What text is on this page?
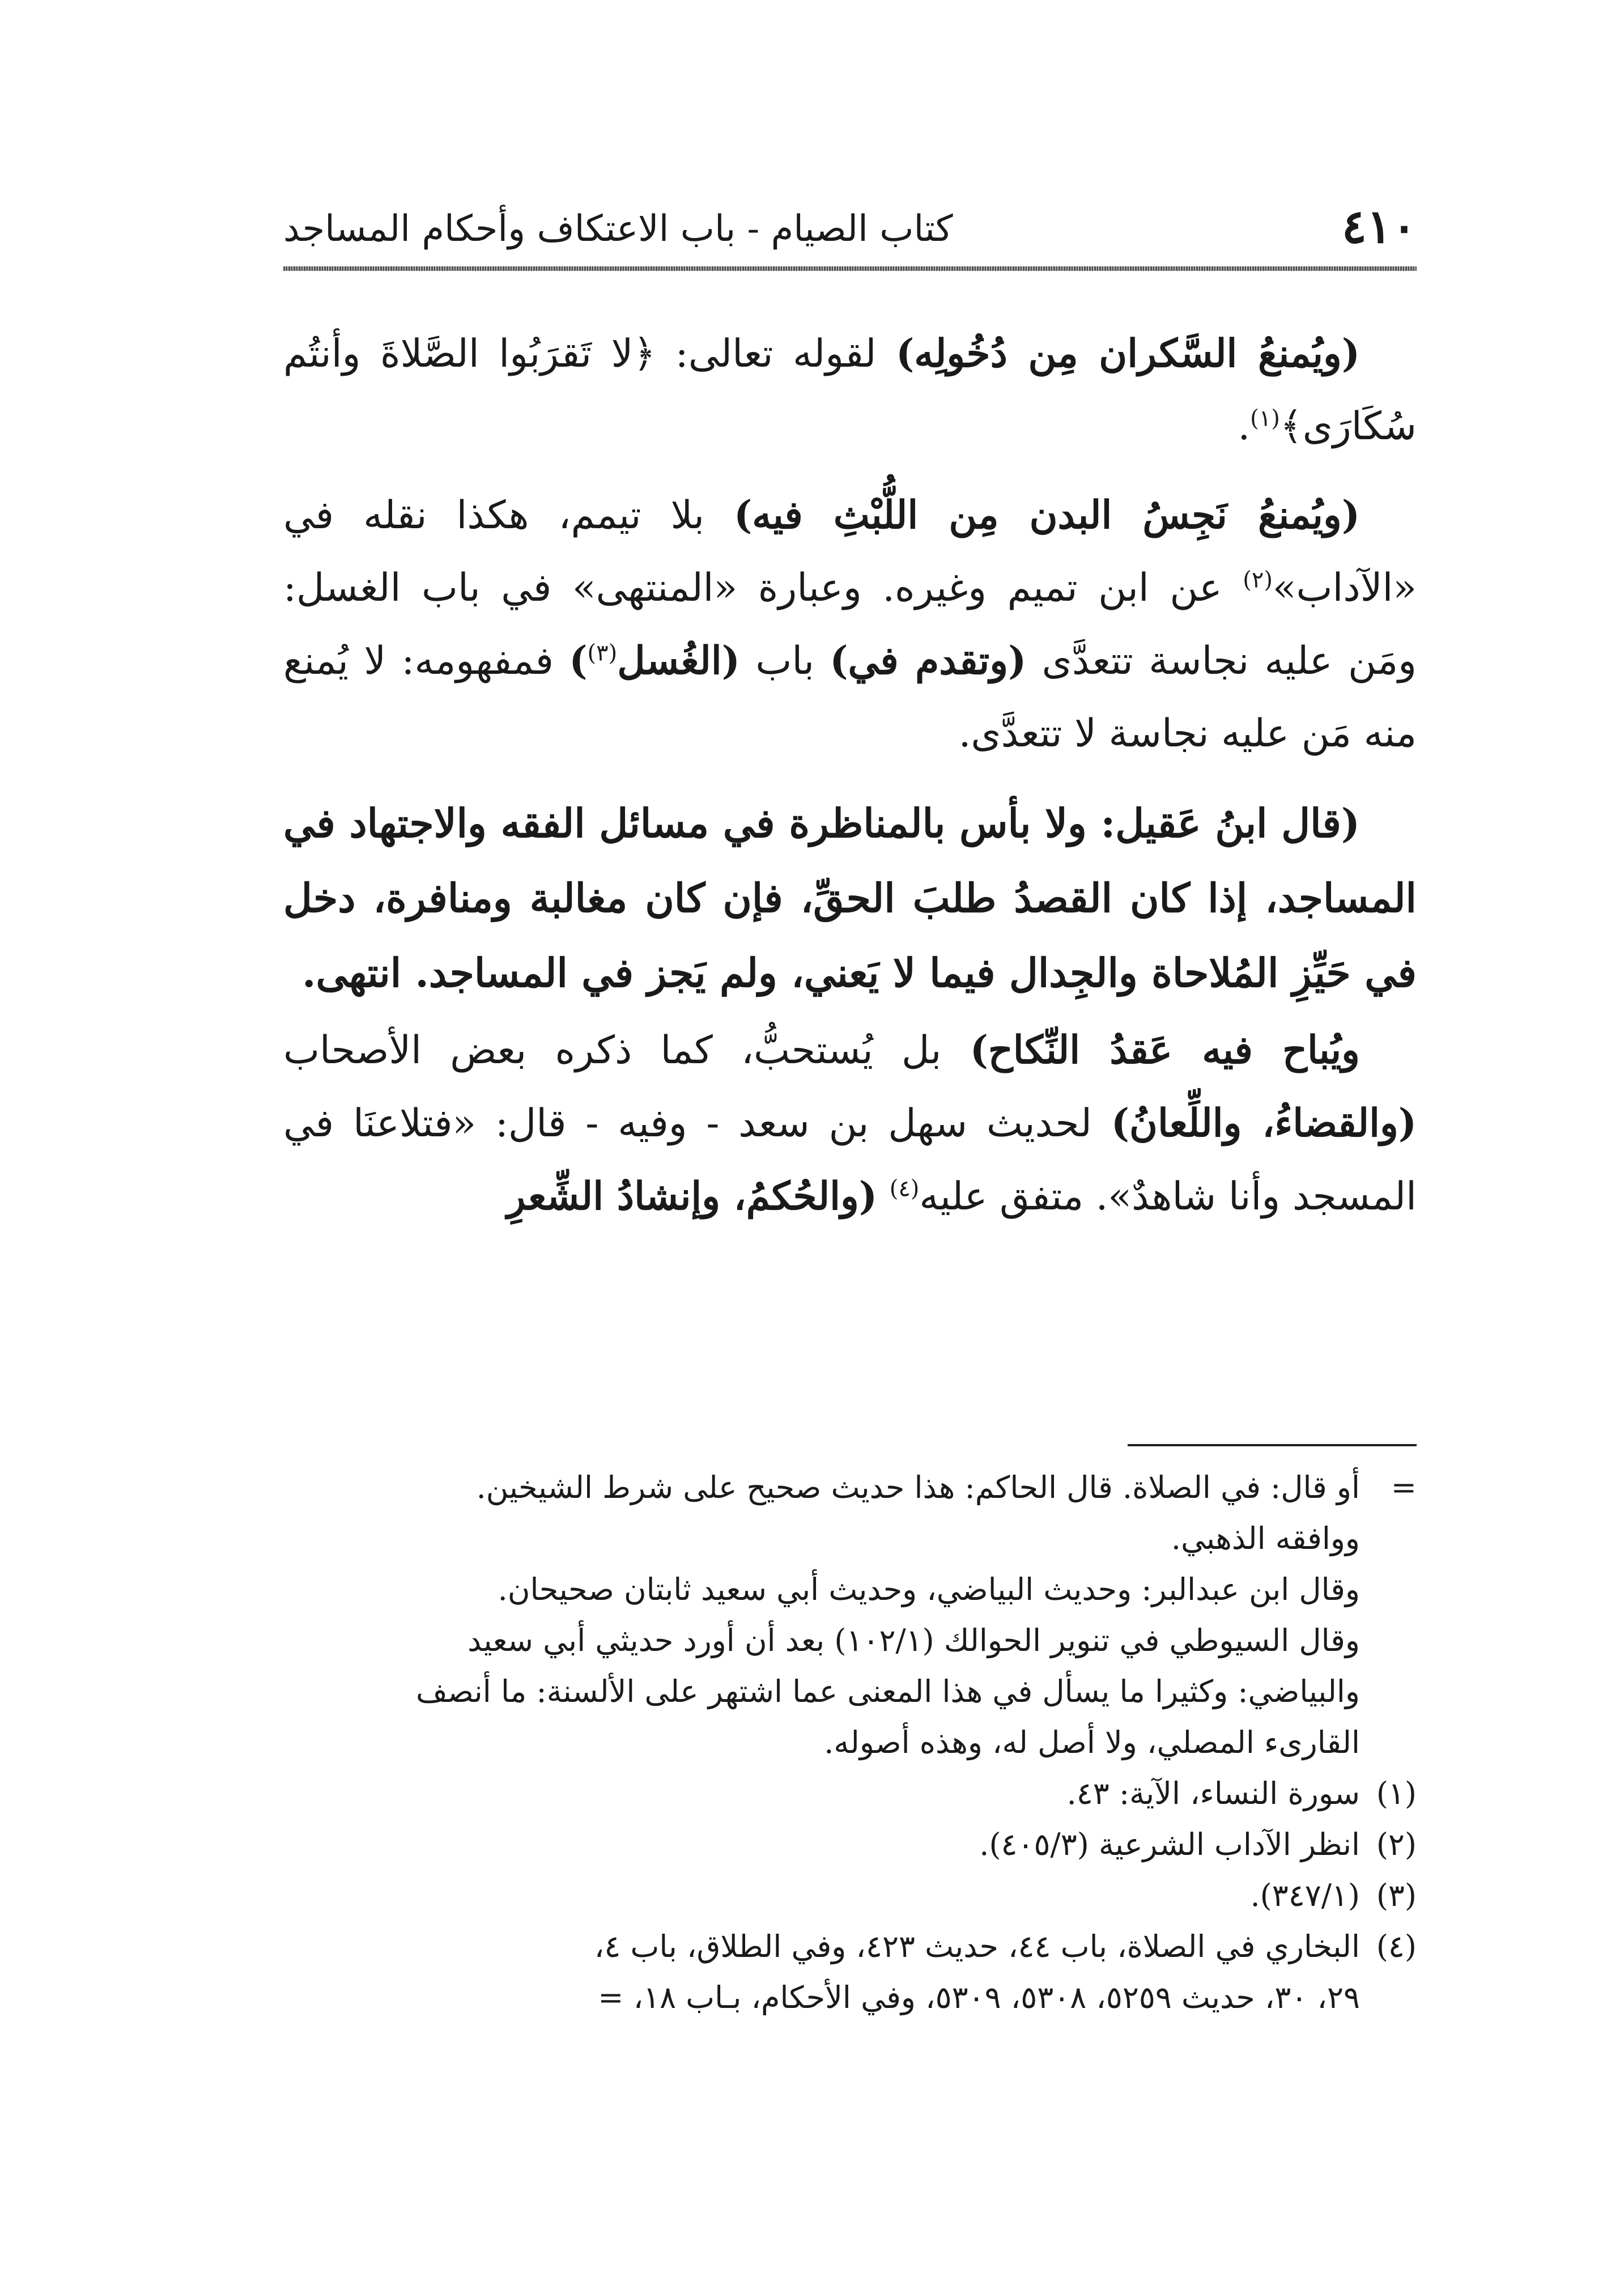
٤١٠
كتاب الصيام - باب الاعتكاف وأحكام المساجد

(ويُمنعُ السَّكران مِن دُخُولِه) لقوله تعالى: ﴿لا تَقرَبُوا الصَّلاةَ وأنتُم سُكَارَى﴾$^{(١)}$.

(ويُمنعُ نَجِسُ البدن مِن اللُّبْثِ فيه) بلا تيمم، هكذا نقله في «الآداب»$^{(٢)}$ عن ابن تميم وغيره. وعبارة «المنتهى» في باب الغسل: ومَن عليه نجاسة تتعدَّى (وتقدم في) باب (الغُسل$^{(٣)}$) فمفهومه: لا يُمنع منه مَن عليه نجاسة لا تتعدَّى.

(قال ابنُ عَقيل: ولا بأس بالمناظرة في مسائل الفقه والاجتهاد في المساجد، إذا كان القصدُ طلبَ الحقِّ، فإن كان مغالبة ومنافرة، دخل في حَيِّزِ المُلاحاة والجِدال فيما لا يَعني، ولم يَجز في المساجد. انتهى.

ويُباح فيه عَقدُ النِّكاح) بل يُستحبُّ، كما ذكره بعض الأصحاب (والقضاءُ، واللِّعانُ) لحديث سهل بن سعد - وفيه - قال: «فتلاعنَا في المسجد وأنا شاهدٌ». متفق عليه$^{(٤)}$ (والحُكمُ، وإنشادُ الشِّعرِ

=أو قال: في الصلاة. قال الحاكم: هذا حديث صحيح على شرط الشيخين.
ووافقه الذهبي.
وقال ابن عبدالبر: وحديث البياضي، وحديث أبي سعيد ثابتان صحيحان.
وقال السيوطي في تنوير الحوالك (١٠٢/١) بعد أن أورد حديثي أبي سعيد
والبياضي: وكثيرا ما يسأل في هذا المعنى عما اشتهر على الألسنة: ما أنصف
القارىء المصلي، ولا أصل له، وهذه أصوله.
(١)سورة النساء، الآية: ٤٣.
(٢)انظر الآداب الشرعية (٤٠٥/٣).
(٣)(٣٤٧/١).
(٤)البخاري في الصلاة، باب ٤٤، حديث ٤٢٣، وفي الطلاق، باب ٤،
٢٩، ٣٠، حديث ٥٢٥٩، ٥٣٠٨، ٥٣٠٩، وفي الأحكام، بـاب ١٨، =
